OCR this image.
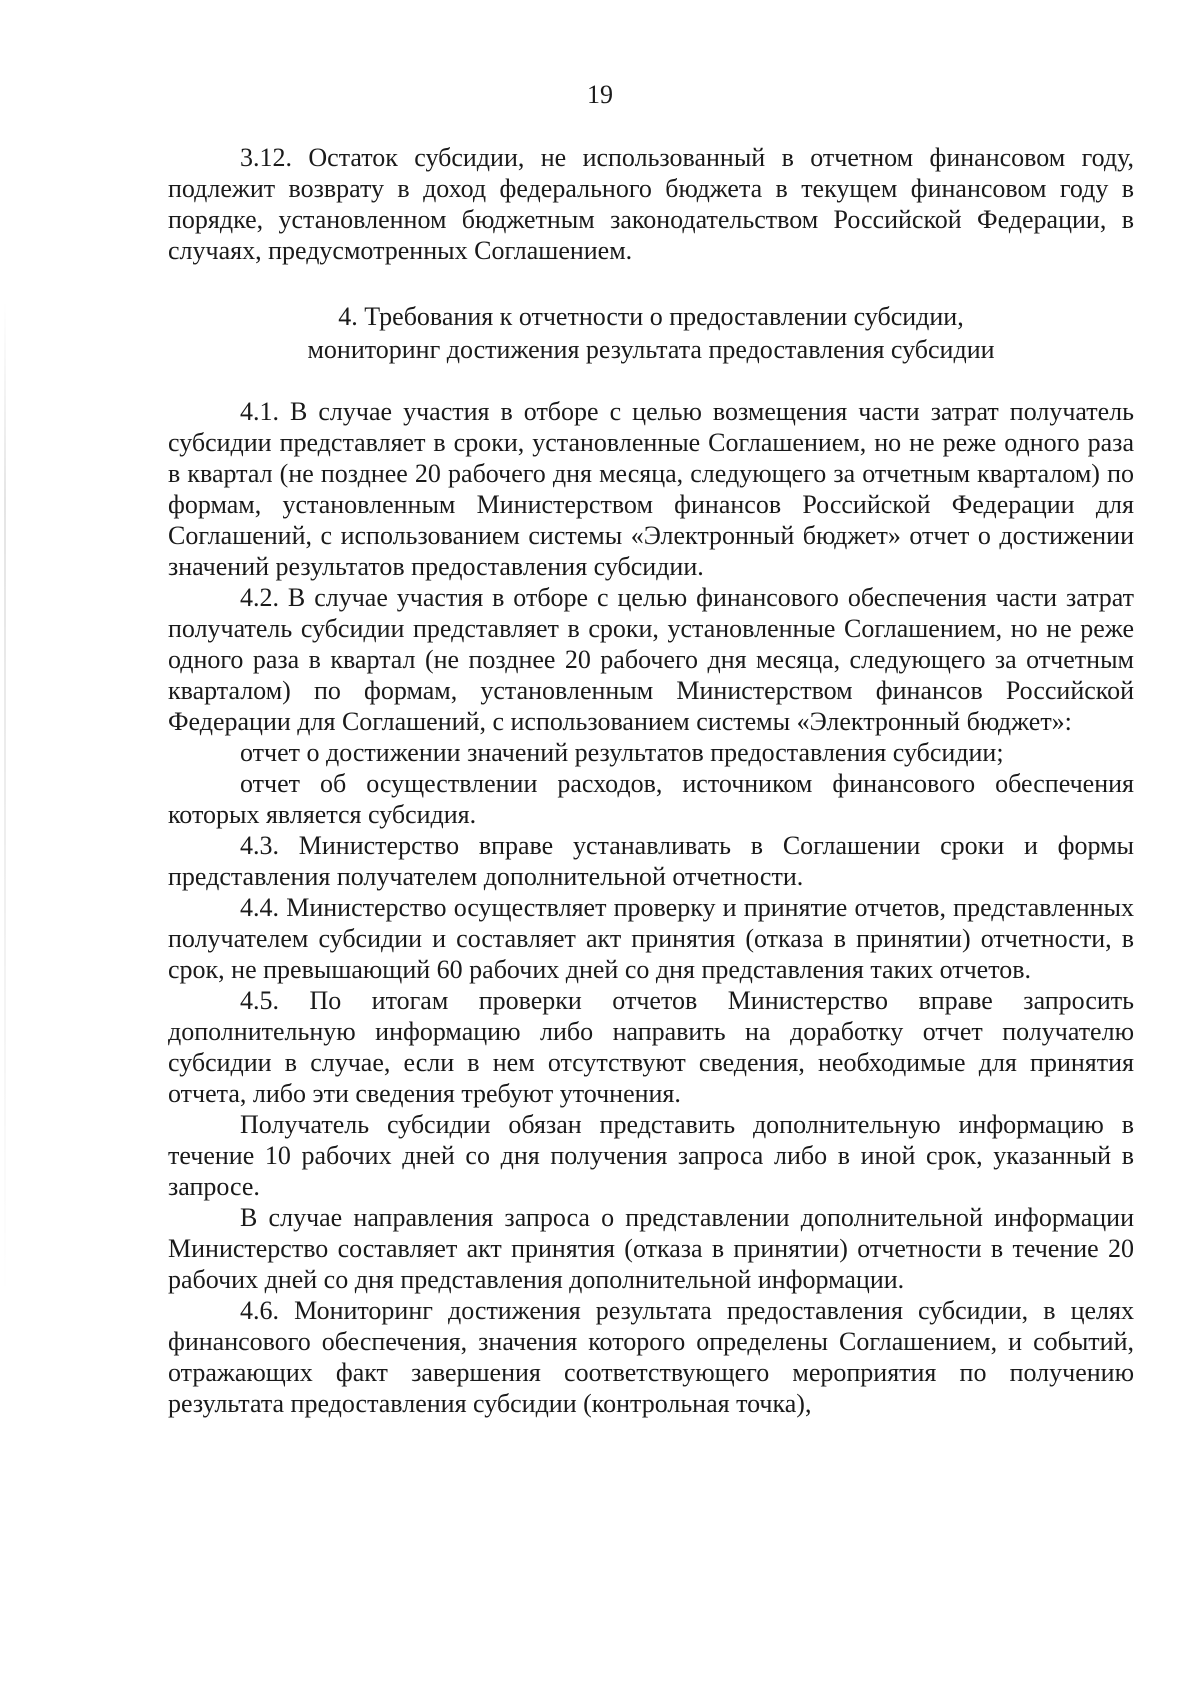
19

3.12. Остаток субсидии, не использованный в отчетном финансовом году, подлежит возврату в доход федерального бюджета в текущем финансовом году в порядке, установленном бюджетным законодательством Российской Федерации, в случаях, предусмотренных Соглашением.

4. Требования к отчетности о предоставлении субсидии,
мониторинг достижения результата предоставления субсидии

4.1. В случае участия в отборе с целью возмещения части затрат получатель субсидии представляет в сроки, установленные Соглашением, но не реже одного раза в квартал (не позднее 20 рабочего дня месяца, следующего за отчетным кварталом) по формам, установленным Министерством финансов Российской Федерации для Соглашений, с использованием системы «Электронный бюджет» отчет о достижении значений результатов предоставления субсидии.

4.2. В случае участия в отборе с целью финансового обеспечения части затрат получатель субсидии представляет в сроки, установленные Соглашением, но не реже одного раза в квартал (не позднее 20 рабочего дня месяца, следующего за отчетным кварталом) по формам, установленным Министерством финансов Российской Федерации для Соглашений, с использованием системы «Электронный бюджет»:

отчет о достижении значений результатов предоставления субсидии;

отчет об осуществлении расходов, источником финансового обеспечения которых является субсидия.

4.3. Министерство вправе устанавливать в Соглашении сроки и формы представления получателем дополнительной отчетности.

4.4. Министерство осуществляет проверку и принятие отчетов, представленных получателем субсидии и составляет акт принятия (отказа в принятии) отчетности, в срок, не превышающий 60 рабочих дней со дня представления таких отчетов.

4.5. По итогам проверки отчетов Министерство вправе запросить дополнительную информацию либо направить на доработку отчет получателю субсидии в случае, если в нем отсутствуют сведения, необходимые для принятия отчета, либо эти сведения требуют уточнения.

Получатель субсидии обязан представить дополнительную информацию в течение 10 рабочих дней со дня получения запроса либо в иной срок, указанный в запросе.

В случае направления запроса о представлении дополнительной информации Министерство составляет акт принятия (отказа в принятии) отчетности в течение 20 рабочих дней со дня представления дополнительной информации.

4.6. Мониторинг достижения результата предоставления субсидии, в целях финансового обеспечения, значения которого определены Соглашением, и событий, отражающих факт завершения соответствующего мероприятия по получению результата предоставления субсидии (контрольная точка),
